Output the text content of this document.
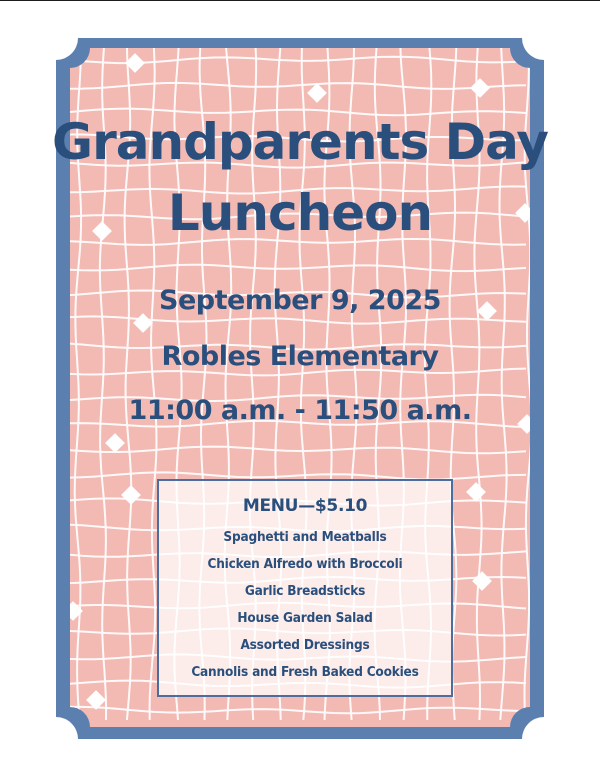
Grandparents Day
Luncheon
September 9, 2025
Robles Elementary
11:00 a.m. - 11:50 a.m.
MENU—$5.10
Spaghetti and Meatballs
Chicken Alfredo with Broccoli
Garlic Breadsticks
House Garden Salad
Assorted Dressings
Cannolis and Fresh Baked Cookies
